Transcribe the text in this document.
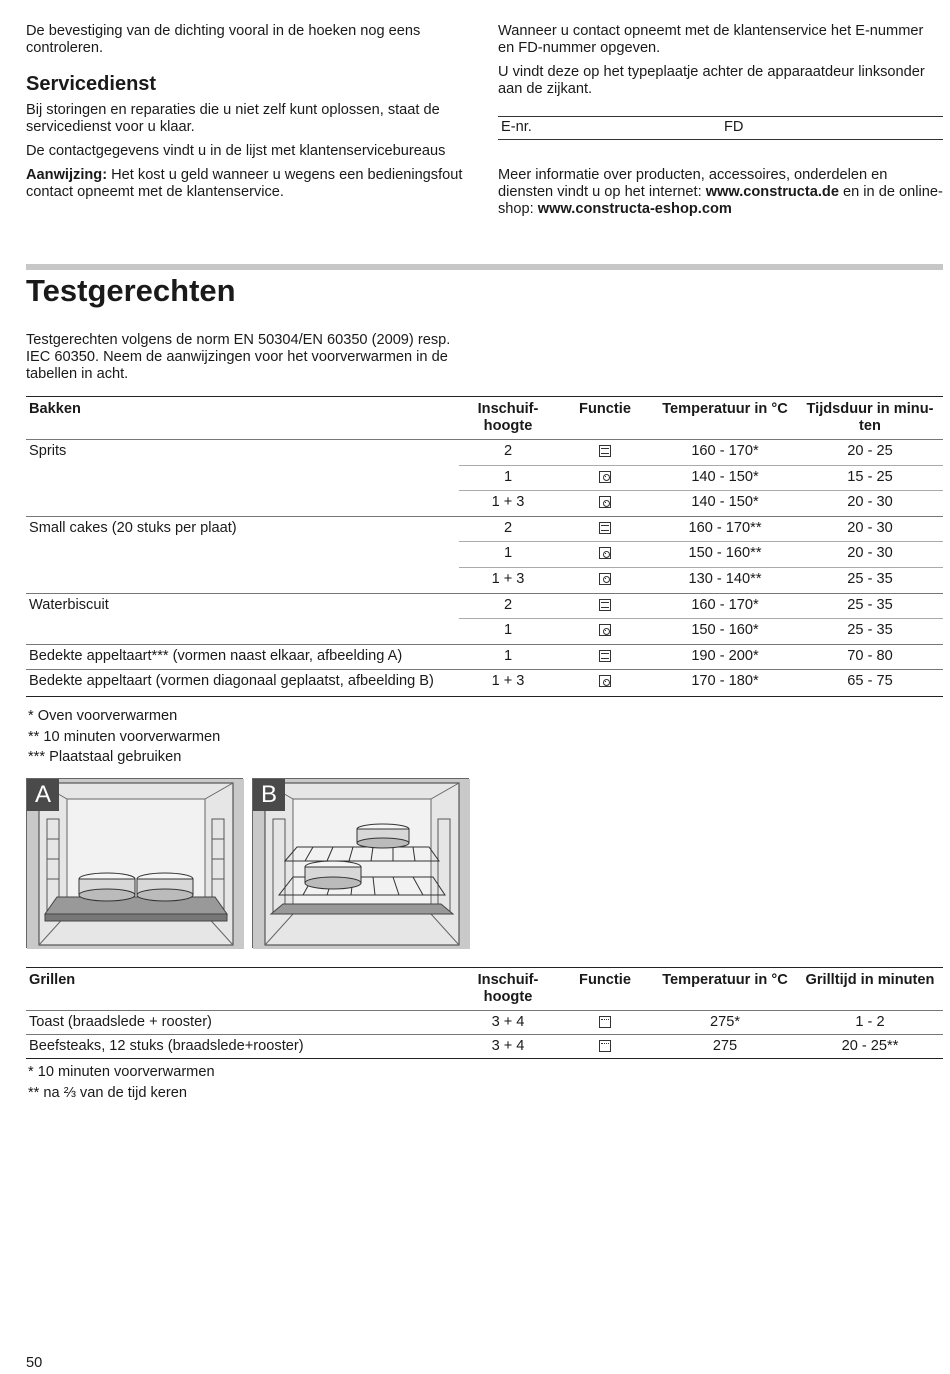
De bevestiging van de dichting vooral in de hoeken nog eens controleren.

Servicedienst

Bij storingen en reparaties die u niet zelf kunt oplossen, staat de servicedienst voor u klaar.

De contactgegevens vindt u in de lijst met klantenservicebureaus

Aanwijzing: Het kost u geld wanneer u wegens een bedieningsfout contact opneemt met de klantenservice.

Wanneer u contact opneemt met de klantenservice het E-nummer en FD-nummer opgeven.

U vindt deze op het typeplaatje achter de apparaatdeur linksonder aan de zijkant.

E-nr.	FD

Meer informatie over producten, accessoires, onderdelen en diensten vindt u op het internet: www.constructa.de en in de online-shop: www.constructa-eshop.com

Testgerechten
Testgerechten volgens de norm EN 50304/EN 60350 (2009) resp. IEC 60350. Neem de aanwijzingen voor het voorverwarmen in de tabellen in acht.
Bakken	Inschuif-hoogte	Functie	Temperatuur in °C	Tijdsduur in minu-ten
Sprits	2		160 - 170*	20 - 25
	1		140 - 150*	15 - 25
	1 + 3		140 - 150*	20 - 30
Small cakes (20 stuks per plaat)	2		160 - 170**	20 - 30
	1		150 - 160**	20 - 30
	1 + 3		130 - 140**	25 - 35
Waterbiscuit	2		160 - 170*	25 - 35
	1		150 - 160*	25 - 35
Bedekte appeltaart*** (vormen naast elkaar, afbeelding A)	1		190 - 200*	70 - 80
Bedekte appeltaart (vormen diagonaal geplaatst, afbeelding B)	1 + 3		170 - 180*	65 - 75
* Oven voorverwarmen
** 10 minuten voorverwarmen
*** Plaatstaal gebruiken
A	B
Grillen	Inschuif-hoogte	Functie	Temperatuur in °C	Grilltijd in minuten
Toast (braadslede + rooster)	3 + 4		275*	1 - 2
Beefsteaks, 12 stuks (braadslede+rooster)	3 + 4		275	20 - 25**
* 10 minuten voorverwarmen
** na ⅔ van de tijd keren
50
